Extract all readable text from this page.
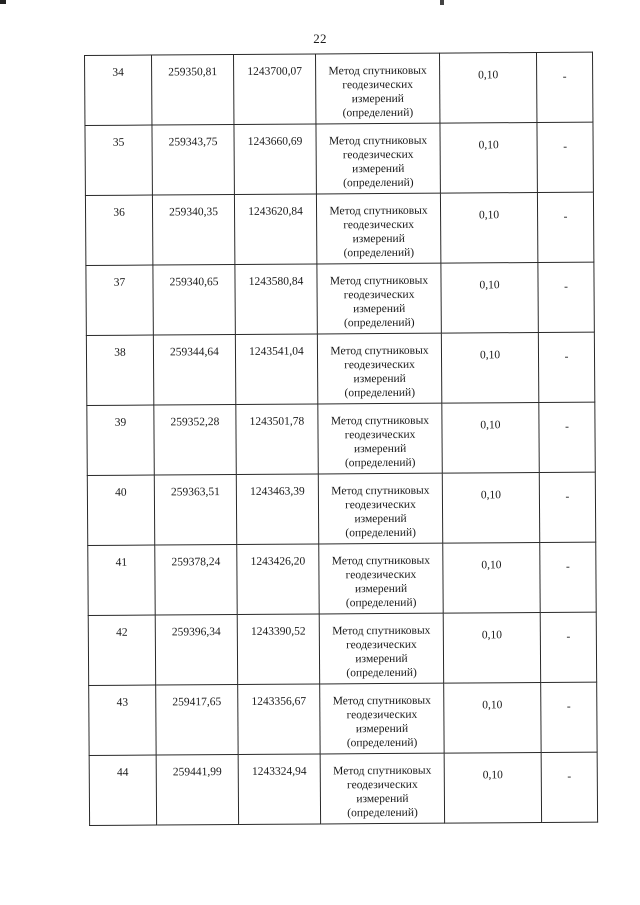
22
34	259350,81	1243700,07	Метод спутниковых
геодезических
измерений
(определений)	0,10	-
35	259343,75	1243660,69	Метод спутниковых
геодезических
измерений
(определений)	0,10	-
36	259340,35	1243620,84	Метод спутниковых
геодезических
измерений
(определений)	0,10	-
37	259340,65	1243580,84	Метод спутниковых
геодезических
измерений
(определений)	0,10	-
38	259344,64	1243541,04	Метод спутниковых
геодезических
измерений
(определений)	0,10	-
39	259352,28	1243501,78	Метод спутниковых
геодезических
измерений
(определений)	0,10	-
40	259363,51	1243463,39	Метод спутниковых
геодезических
измерений
(определений)	0,10	-
41	259378,24	1243426,20	Метод спутниковых
геодезических
измерений
(определений)	0,10	-
42	259396,34	1243390,52	Метод спутниковых
геодезических
измерений
(определений)	0,10	-
43	259417,65	1243356,67	Метод спутниковых
геодезических
измерений
(определений)	0,10	-
44	259441,99	1243324,94	Метод спутниковых
геодезических
измерений
(определений)	0,10	-
